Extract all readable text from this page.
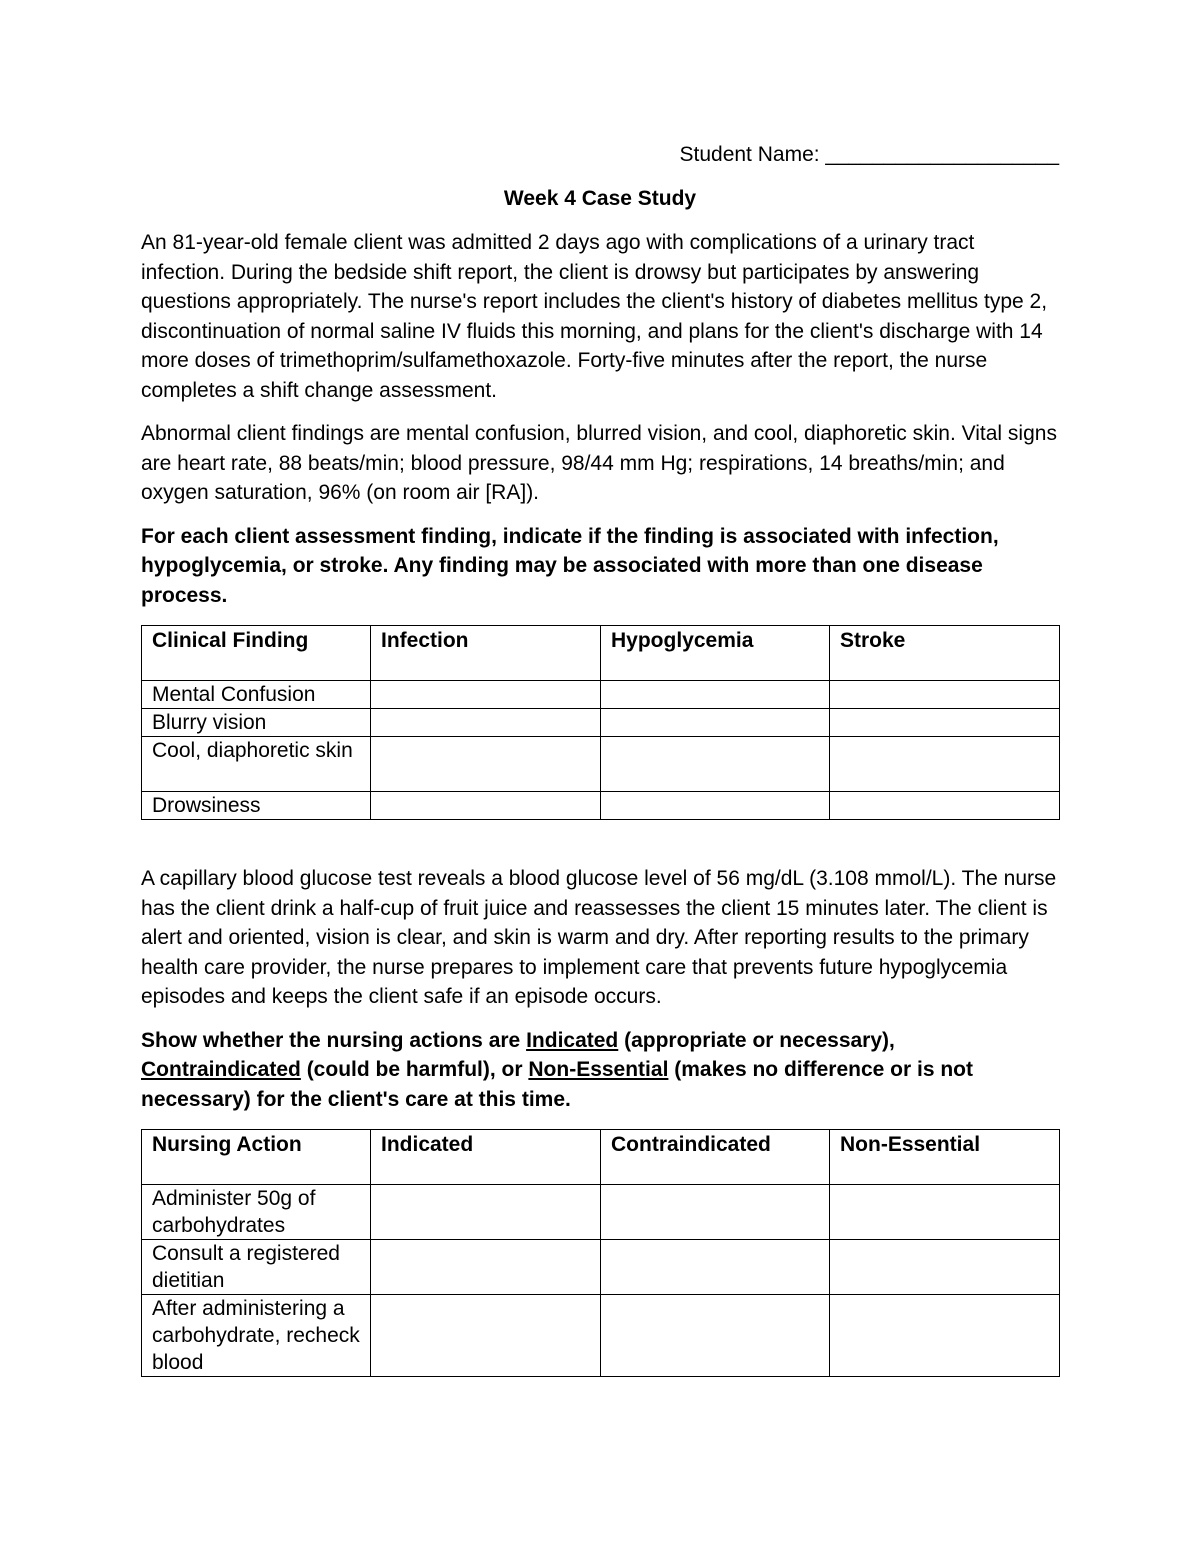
Student Name: ____________________
Week 4 Case Study

An 81-year-old female client was admitted 2 days ago with complications of a urinary tract infection. During the bedside shift report, the client is drowsy but participates by answering questions appropriately. The nurse's report includes the client's history of diabetes mellitus type 2, discontinuation of normal saline IV fluids this morning, and plans for the client's discharge with 14 more doses of trimethoprim/sulfamethoxazole. Forty-five minutes after the report, the nurse completes a shift change assessment.

Abnormal client findings are mental confusion, blurred vision, and cool, diaphoretic skin. Vital signs are heart rate, 88 beats/min; blood pressure, 98/44 mm Hg; respirations, 14 breaths/min; and oxygen saturation, 96% (on room air [RA]).

For each client assessment finding, indicate if the finding is associated with infection, hypoglycemia, or stroke. Any finding may be associated with more than one disease process.

Clinical Finding	Infection	Hypoglycemia	Stroke
Mental Confusion			
Blurry vision			
Cool, diaphoretic skin			
Drowsiness			

A capillary blood glucose test reveals a blood glucose level of 56 mg/dL (3.108 mmol/L). The nurse has the client drink a half-cup of fruit juice and reassesses the client 15 minutes later. The client is alert and oriented, vision is clear, and skin is warm and dry. After reporting results to the primary health care provider, the nurse prepares to implement care that prevents future hypoglycemia episodes and keeps the client safe if an episode occurs.

Show whether the nursing actions are Indicated (appropriate or necessary), Contraindicated (could be harmful), or Non-Essential (makes no difference or is not necessary) for the client's care at this time.

Nursing Action	Indicated	Contraindicated	Non-Essential
Administer 50g of carbohydrates			
Consult a registered dietitian			
After administering a carbohydrate, recheck blood			
